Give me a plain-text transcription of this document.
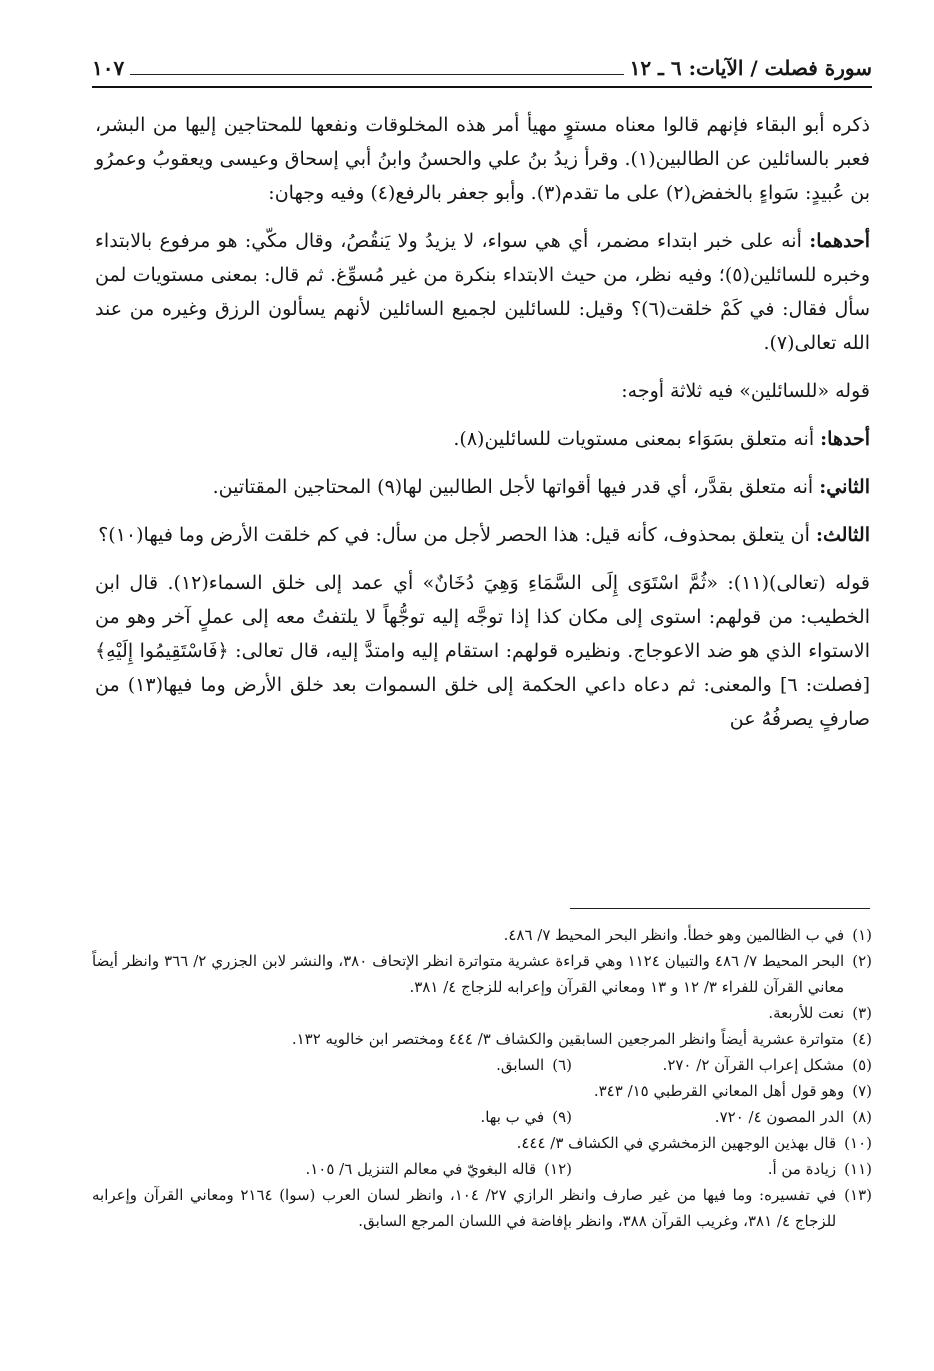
سورة فصلت / الآيات: ٦ ـ ١٢
١٠٧

ذكره أبو البقاء فإنهم قالوا معناه مستوٍ مهيأ أمر هذه المخلوقات ونفعها للمحتاجين إليها من البشر، فعبر بالسائلين عن الطالبين(١). وقرأ زيدُ بنُ علي والحسنُ وابنُ أبي إسحاق وعيسى ويعقوبُ وعمرُو بن عُبيدٍ: سَواءٍ بالخفض(٢) على ما تقدم(٣). وأبو جعفر بالرفع(٤) وفيه وجهان:

أحدهما: أنه على خبر ابتداء مضمر، أي هي سواء، لا يزيدُ ولا يَنقُصُ، وقال مكّي: هو مرفوع بالابتداء وخبره للسائلين(٥)؛ وفيه نظر، من حيث الابتداء بنكرة من غير مُسوِّغ. ثم قال: بمعنى مستويات لمن سأل فقال: في كَمْ خلقت(٦)؟ وقيل: للسائلين لجميع السائلين لأنهم يسألون الرزق وغيره من عند الله تعالى(٧).

قوله «للسائلين» فيه ثلاثة أوجه:

أحدها: أنه متعلق بسَوَاء بمعنى مستويات للسائلين(٨).

الثاني: أنه متعلق بقدَّر، أي قدر فيها أقواتها لأجل الطالبين لها(٩) المحتاجين المقتاتين.

الثالث: أن يتعلق بمحذوف، كأنه قيل: هذا الحصر لأجل من سأل: في كم خلقت الأرض وما فيها(١٠)؟

قوله (تعالى)(١١): «ثُمَّ اسْتَوَى إِلَى السَّمَاءِ وَهِيَ دُخَانٌ» أي عمد إلى خلق السماء(١٢). قال ابن الخطيب: من قولهم: استوى إلى مكان كذا إذا توجَّه إليه توجُّهاً لا يلتفتُ معه إلى عملٍ آخر وهو من الاستواء الذي هو ضد الاعوجاج. ونظيره قولهم: استقام إليه وامتدَّ إليه، قال تعالى: ﴿فَاسْتَقِيمُوا إِلَيْهِ﴾ [فصلت: ٦] والمعنى: ثم دعاه داعي الحكمة إلى خلق السموات بعد خلق الأرض وما فيها(١٣) من صارفٍ يصرفُهُ عن

(١)
في ب الظالمين وهو خطأ. وانظر البحر المحيط ٧/ ٤٨٦.
(٢)
البحر المحيط ٧/ ٤٨٦ والتبيان ١١٢٤ وهي قراءة عشرية متواترة انظر الإتحاف ٣٨٠، والنشر لابن الجزري ٢/ ٣٦٦ وانظر أيضاً معاني القرآن للفراء ٣/ ١٢ و ١٣ ومعاني القرآن وإعرابه للزجاج ٤/ ٣٨١.
(٣)
نعت للأربعة.
(٤)
متواترة عشرية أيضاً وانظر المرجعين السابقين والكشاف ٣/ ٤٤٤ ومختصر ابن خالويه ١٣٢.
(٥)
مشكل إعراب القرآن ٢/ ٢٧٠.
(٦)
السابق.
(٧)
وهو قول أهل المعاني القرطبي ١٥/ ٣٤٣.
(٨)
الدر المصون ٤/ ٧٢٠.
(٩)
في ب بها.
(١٠)
قال بهذين الوجهين الزمخشري في الكشاف ٣/ ٤٤٤.
(١١)
زيادة من أ.
(١٢)
قاله البغويّ في معالم التنزيل ٦/ ١٠٥.
(١٣)
في تفسيره: وما فيها من غير صارف وانظر الرازي ٢٧/ ١٠٤، وانظر لسان العرب (سوا) ٢١٦٤ ومعاني القرآن وإعرابه للزجاج ٤/ ٣٨١، وغريب القرآن ٣٨٨، وانظر بإفاضة في اللسان المرجع السابق.
